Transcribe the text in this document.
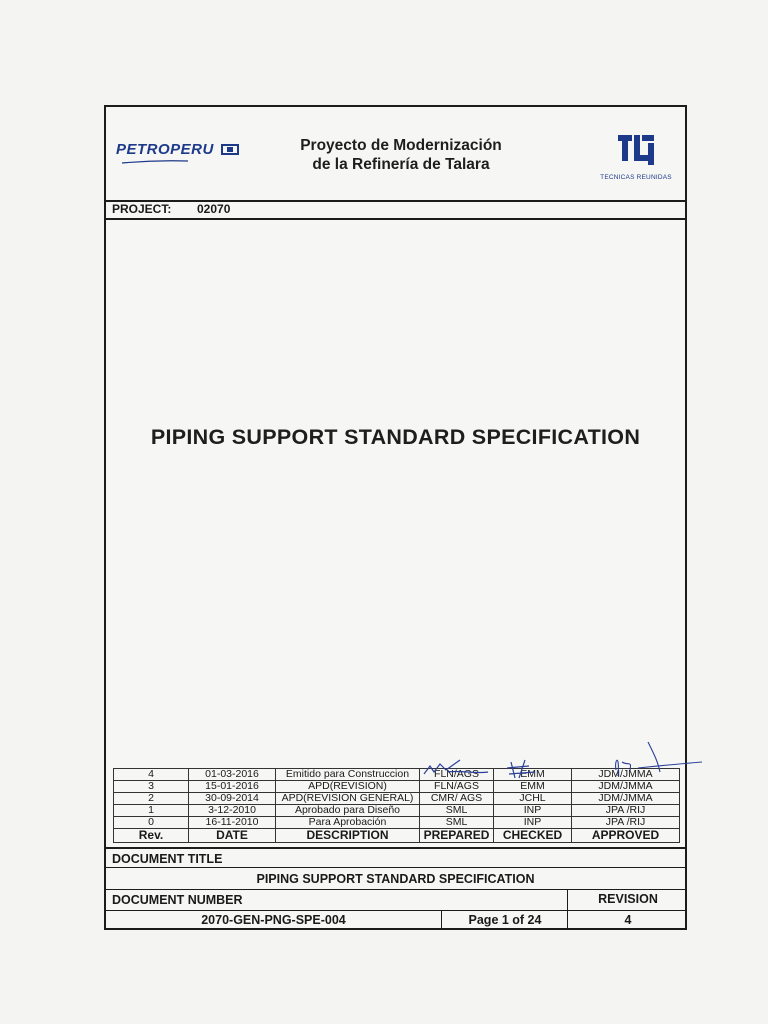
PETROPERU	Proyecto de Modernización
de la Refinería de Talara
TECNICAS REUNIDAS
PROJECT: 02070
PIPING SUPPORT STANDARD SPECIFICATION
4	01-03-2016	Emitido para Construccion	FLN/AGS	EMM	JDM/JMMA
3	15-01-2016	APD(REVISION)	FLN/AGS	EMM	JDM/JMMA
2	30-09-2014	APD(REVISION GENERAL)	CMR/ AGS	JCHL	JDM/JMMA
1	3-12-2010	Aprobado para Diseño	SML	INP	JPA /RIJ
0	16-11-2010	Para Aprobación	SML	INP	JPA /RIJ
Rev.	DATE	DESCRIPTION	PREPARED	CHECKED	APPROVED
DOCUMENT TITLE
PIPING SUPPORT STANDARD SPECIFICATION
DOCUMENT NUMBER	REVISION
2070-GEN-PNG-SPE-004	Page 1 of 24	4
